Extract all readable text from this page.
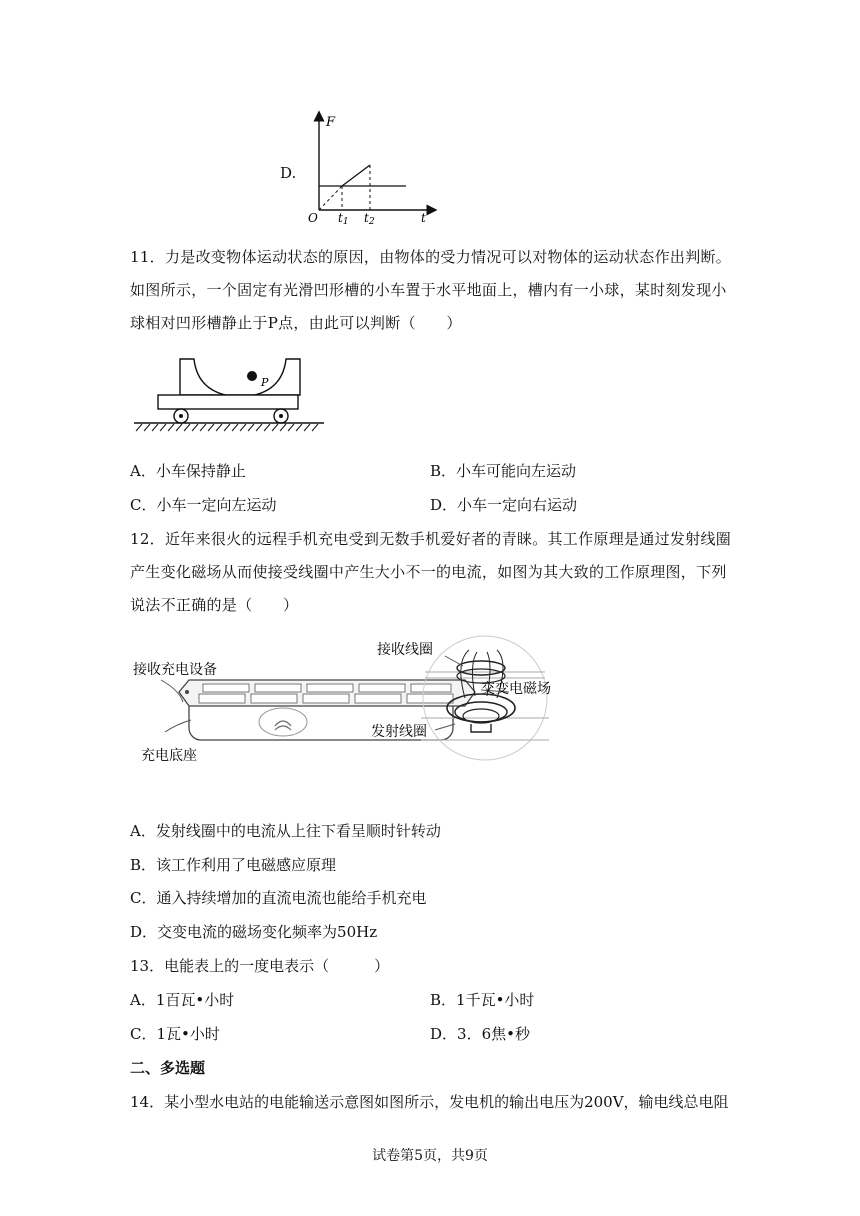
D.
F
O t1 t2	t
11．力是改变物体运动状态的原因，由物体的受力情况可以对物体的运动状态作出判断。如图所示，一个固定有光滑凹形槽的小车置于水平地面上，槽内有一小球，某时刻发现小球相对凹形槽静止于P点，由此可以判断（　　）
P
A．小车保持静止	B．小车可能向左运动
C．小车一定向左运动	D．小车一定向右运动
12．近年来很火的远程手机充电受到无数手机爱好者的青睐。其工作原理是通过发射线圈产生变化磁场从而使接受线圈中产生大小不一的电流，如图为其大致的工作原理图，下列说法不正确的是（　　）
接收充电设备
充电底座
接收线圈
交变电磁场
发射线圈
A．发射线圈中的电流从上往下看呈顺时针转动
B．该工作利用了电磁感应原理
C．通入持续增加的直流电流也能给手机充电
D．交变电流的磁场变化频率为50Hz
13．电能表上的一度电表示（　　　）
A．1百瓦•小时	B．1千瓦•小时
C．1瓦•小时	D．3．6焦•秒
二、多选题
14．某小型水电站的电能输送示意图如图所示，发电机的输出电压为200V，输电线总电阻
试卷第5页，共9页
